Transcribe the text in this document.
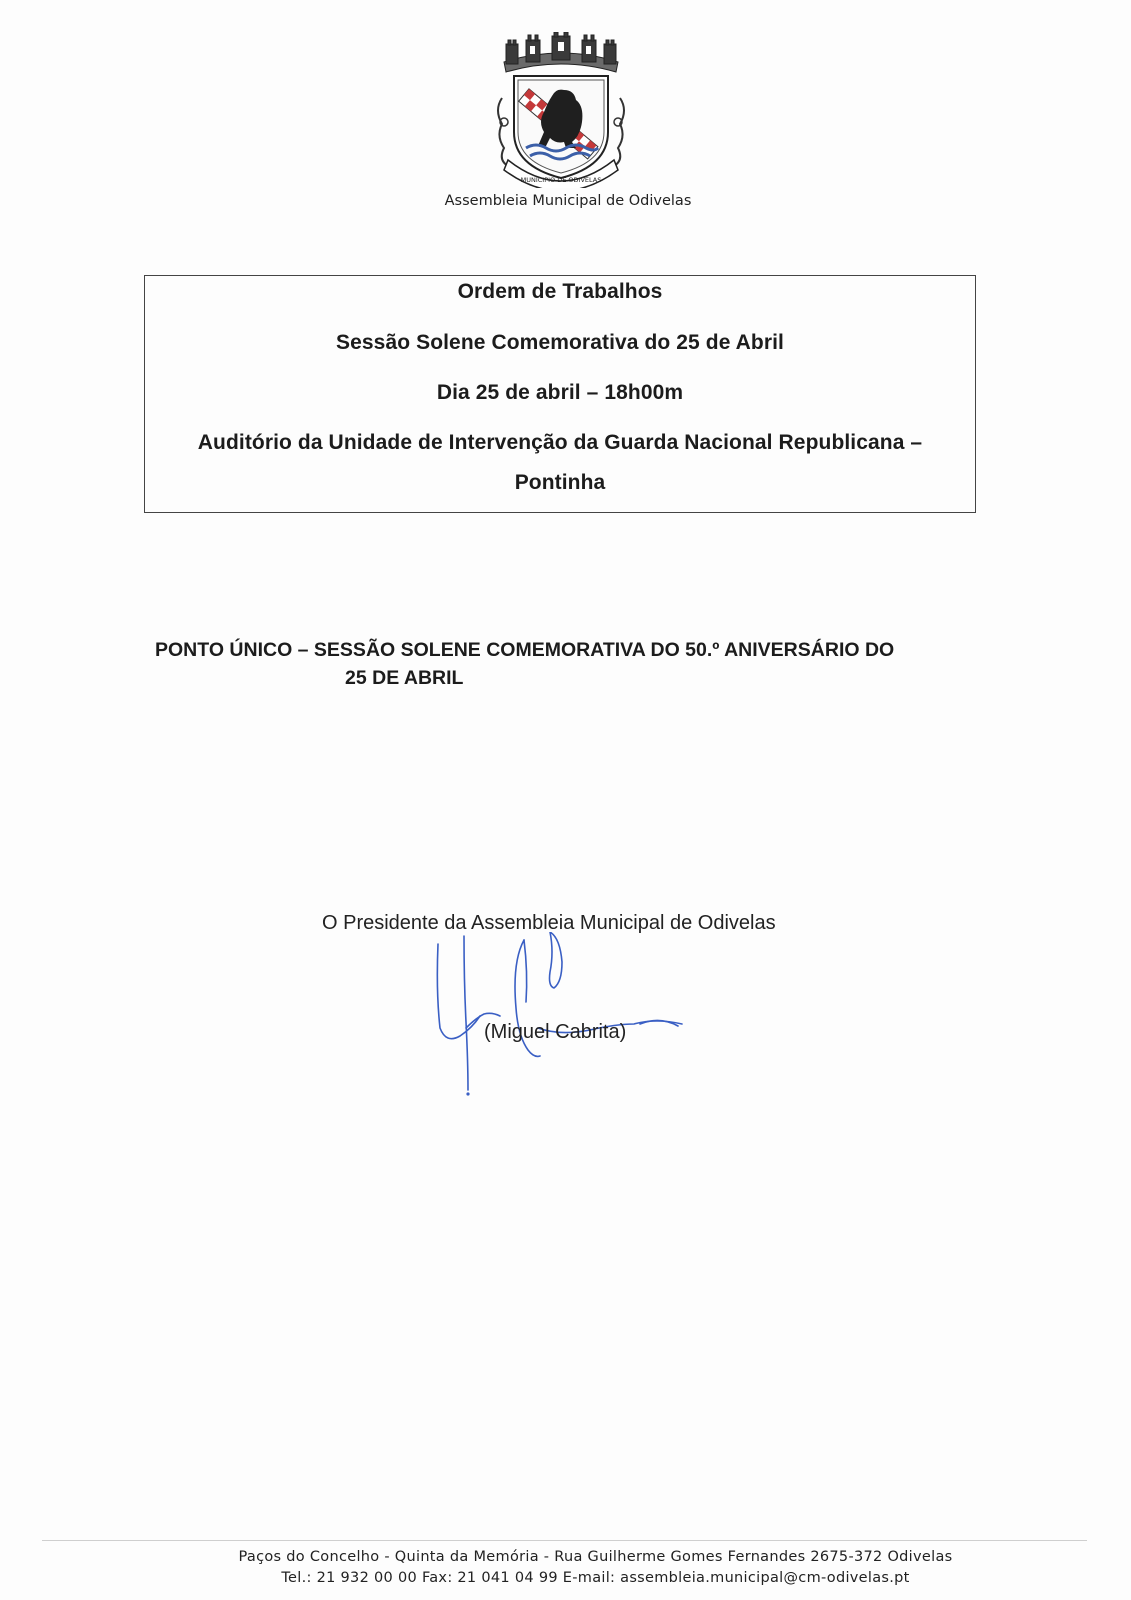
MUNICIPIO DE ODIVELAS
Assembleia Municipal de Odivelas
Ordem de Trabalhos
Sessão Solene Comemorativa do 25 de Abril
Dia 25 de abril – 18h00m
Auditório da Unidade de Intervenção da Guarda Nacional Republicana –
Pontinha
PONTO ÚNICO – SESSÃO SOLENE COMEMORATIVA DO 50.º ANIVERSÁRIO DO
25 DE ABRIL
O Presidente da Assembleia Municipal de Odivelas
(Miguel Cabrita)
Paços do Concelho - Quinta da Memória - Rua Guilherme Gomes Fernandes 2675-372 Odivelas
Tel.: 21 932 00 00 Fax: 21 041 04 99 E-mail: assembleia.municipal@cm-odivelas.pt
